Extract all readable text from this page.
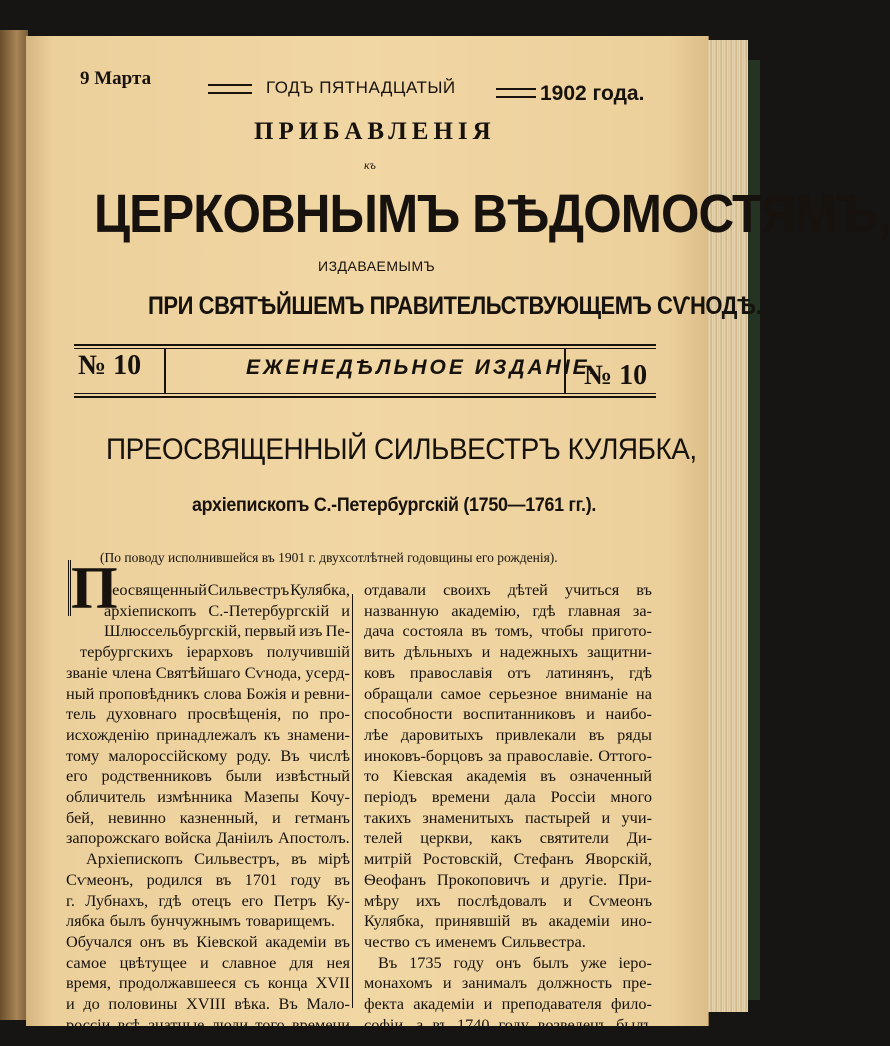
9 Марта	ГОДЪ ПЯТНАДЦАТЫЙ	1902 года.
ПРИБАВЛЕНIЯ
къ
ЦЕРКОВНЫМЪ ВѢДОМОСТЯМЪ,
ИЗДАВАЕМЫМЪ
ПРИ СВЯТѢЙШЕМЪ ПРАВИТЕЛЬСТВУЮЩЕМЪ СѴНОДѢ.
№ 10	ЕЖЕНЕДѢЛЬНОЕ ИЗДАНIЕ.
№ 10
ПРЕОСВЯЩЕННЫЙ СИЛЬВЕСТРЪ КУЛЯБКА,
архiепископъ С.-Петербургскiй (1750—1761 гг.).
(По поводу исполнившейся въ 1901 г. двухсотлѣтней годовщины его рожденiя).
П
реосвященный Сильвестръ Кулябка,
архiепископъ С.-Петербургскiй и
Шлюссельбургскiй, первый изъ Пе-
тербургскихъ iерарховъ получившiй
званiе члена Святѣйшаго Сѵнода, усерд-
ный проповѣдникъ слова Божiя и ревни-
тель духовнаго просвѣщенiя, по про-
исхожденiю принадлежалъ къ знамени-
тому малороссiйскому роду. Въ числѣ
его родственниковъ были извѣстный
обличитель измѣнника Мазепы Кочу-
бей, невинно казненный, и гетманъ
запорожскаго войска Данiилъ Апостолъ.
Архiепископъ Сильвестръ, въ мiрѣ
Сѵмеонъ, родился въ 1701 году въ
г. Лубнахъ, гдѣ отецъ его Петръ Ку-
лябка былъ бунчужнымъ товарищемъ.
Обучался онъ въ Кiевской академiи въ
самое цвѣтущее и славное для нея
время, продолжавшееся съ конца XVII
и до половины XVIII вѣка. Въ Мало-
россiи всѣ знатные люди того времени
отдавали своихъ дѣтей учиться въ
названную академiю, гдѣ главная за-
дача состояла въ томъ, чтобы пригото-
вить дѣльныхъ и надежныхъ защитни-
ковъ православiя отъ латинянъ, гдѣ
обращали самое серьезное вниманiе на
способности воспитанниковъ и наибо-
лѣе даровитыхъ привлекали въ ряды
иноковъ-борцовъ за православiе. Оттого-
то Кiевская академiя въ означенный
перiодъ времени дала Россiи много
такихъ знаменитыхъ пастырей и учи-
телей церкви, какъ святители Ди-
митрiй Ростовскiй, Стефанъ Яворскiй,
Ѳеофанъ Прокоповичъ и другiе. При-
мѣру ихъ послѣдовалъ и Сѵмеонъ
Кулябка, принявшiй въ академiи ино-
чество съ именемъ Сильвестра.
Въ 1735 году онъ былъ уже iеро-
монахомъ и занималъ должность пре-
фекта академiи и преподавателя фило-
софiи, а въ 1740 году возведенъ былъ
